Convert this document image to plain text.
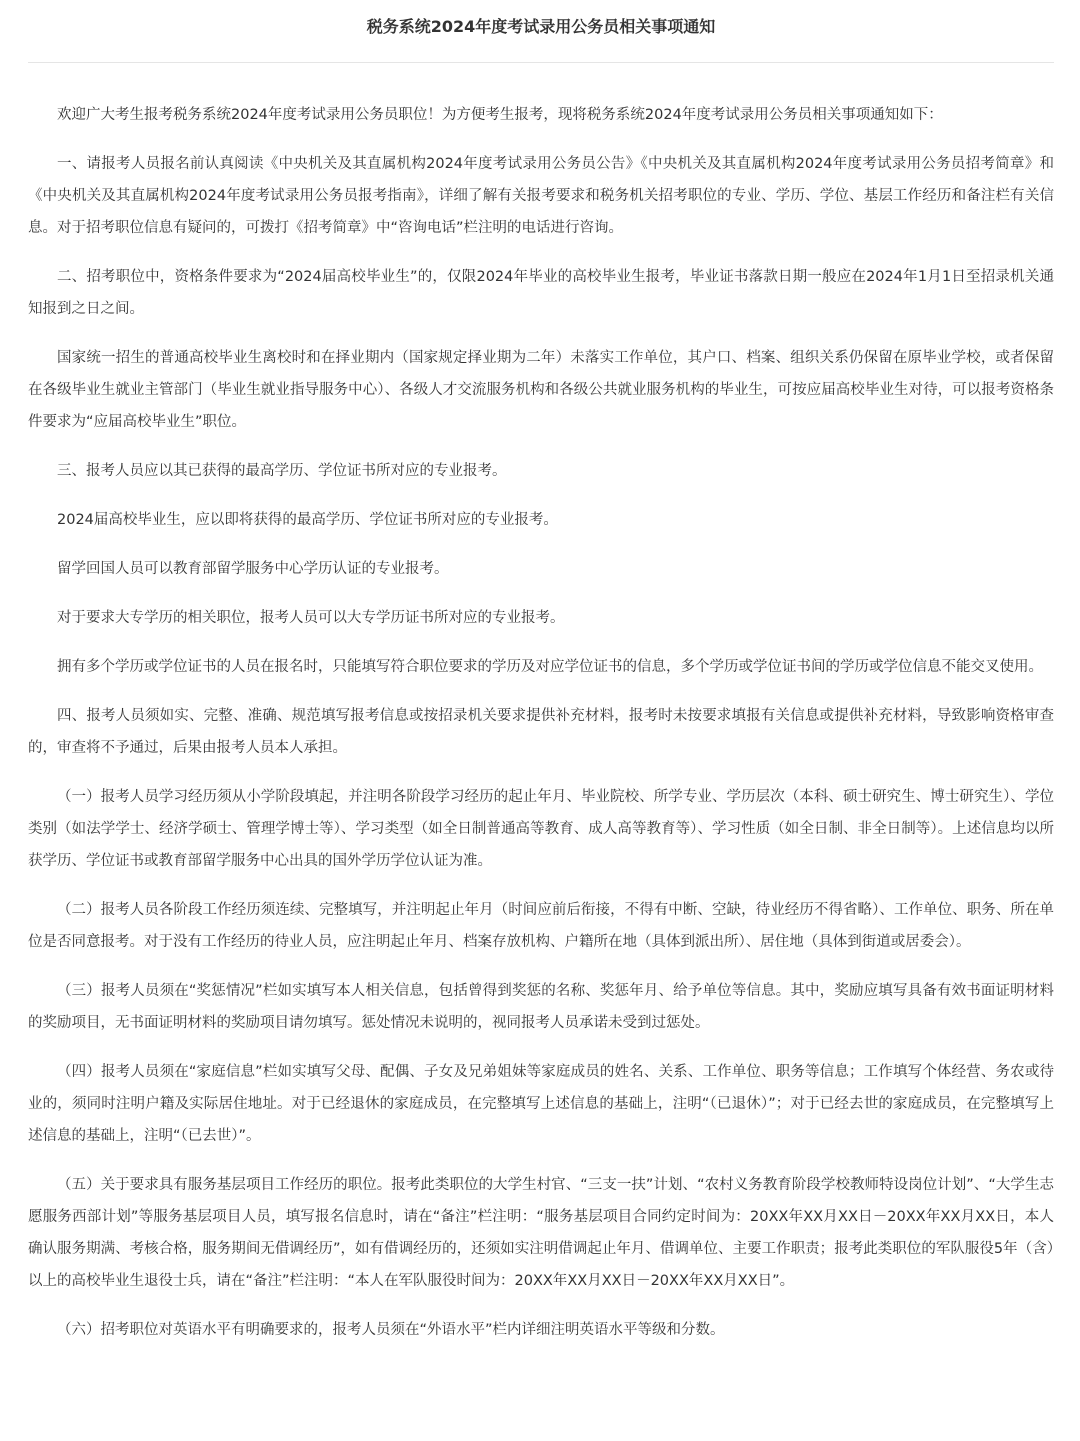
税务系统2024年度考试录用公务员相关事项通知

欢迎广大考生报考税务系统2024年度考试录用公务员职位！为方便考生报考，现将税务系统2024年度考试录用公务员相关事项通知如下：

一、请报考人员报名前认真阅读《中央机关及其直属机构2024年度考试录用公务员公告》《中央机关及其直属机构2024年度考试录用公务员招考简章》和《中央机关及其直属机构2024年度考试录用公务员报考指南》，详细了解有关报考要求和税务机关招考职位的专业、学历、学位、基层工作经历和备注栏有关信息。对于招考职位信息有疑问的，可拨打《招考简章》中“咨询电话”栏注明的电话进行咨询。

二、招考职位中，资格条件要求为“2024届高校毕业生”的，仅限2024年毕业的高校毕业生报考，毕业证书落款日期一般应在2024年1月1日至招录机关通知报到之日之间。

国家统一招生的普通高校毕业生离校时和在择业期内（国家规定择业期为二年）未落实工作单位，其户口、档案、组织关系仍保留在原毕业学校，或者保留在各级毕业生就业主管部门（毕业生就业指导服务中心）、各级人才交流服务机构和各级公共就业服务机构的毕业生，可按应届高校毕业生对待，可以报考资格条件要求为“应届高校毕业生”职位。

三、报考人员应以其已获得的最高学历、学位证书所对应的专业报考。

2024届高校毕业生，应以即将获得的最高学历、学位证书所对应的专业报考。

留学回国人员可以教育部留学服务中心学历认证的专业报考。

对于要求大专学历的相关职位，报考人员可以大专学历证书所对应的专业报考。

拥有多个学历或学位证书的人员在报名时，只能填写符合职位要求的学历及对应学位证书的信息，多个学历或学位证书间的学历或学位信息不能交叉使用。

四、报考人员须如实、完整、准确、规范填写报考信息或按招录机关要求提供补充材料，报考时未按要求填报有关信息或提供补充材料，导致影响资格审查的，审查将不予通过，后果由报考人员本人承担。

（一）报考人员学习经历须从小学阶段填起，并注明各阶段学习经历的起止年月、毕业院校、所学专业、学历层次（本科、硕士研究生、博士研究生）、学位类别（如法学学士、经济学硕士、管理学博士等）、学习类型（如全日制普通高等教育、成人高等教育等）、学习性质（如全日制、非全日制等）。上述信息均以所获学历、学位证书或教育部留学服务中心出具的国外学历学位认证为准。

（二）报考人员各阶段工作经历须连续、完整填写，并注明起止年月（时间应前后衔接，不得有中断、空缺，待业经历不得省略）、工作单位、职务、所在单位是否同意报考。对于没有工作经历的待业人员，应注明起止年月、档案存放机构、户籍所在地（具体到派出所）、居住地（具体到街道或居委会）。

（三）报考人员须在“奖惩情况”栏如实填写本人相关信息，包括曾得到奖惩的名称、奖惩年月、给予单位等信息。其中，奖励应填写具备有效书面证明材料的奖励项目，无书面证明材料的奖励项目请勿填写。惩处情况未说明的，视同报考人员承诺未受到过惩处。

（四）报考人员须在“家庭信息”栏如实填写父母、配偶、子女及兄弟姐妹等家庭成员的姓名、关系、工作单位、职务等信息；工作填写个体经营、务农或待业的，须同时注明户籍及实际居住地址。对于已经退休的家庭成员，在完整填写上述信息的基础上，注明“（已退休）”；对于已经去世的家庭成员，在完整填写上述信息的基础上，注明“（已去世）”。

（五）关于要求具有服务基层项目工作经历的职位。报考此类职位的大学生村官、“三支一扶”计划、“农村义务教育阶段学校教师特设岗位计划”、“大学生志愿服务西部计划”等服务基层项目人员，填写报名信息时，请在“备注”栏注明：“服务基层项目合同约定时间为：20XX年XX月XX日－20XX年XX月XX日，本人确认服务期满、考核合格，服务期间无借调经历”，如有借调经历的，还须如实注明借调起止年月、借调单位、主要工作职责；报考此类职位的军队服役5年（含）以上的高校毕业生退役士兵，请在“备注”栏注明：“本人在军队服役时间为：20XX年XX月XX日－20XX年XX月XX日”。

（六）招考职位对英语水平有明确要求的，报考人员须在“外语水平”栏内详细注明英语水平等级和分数。
